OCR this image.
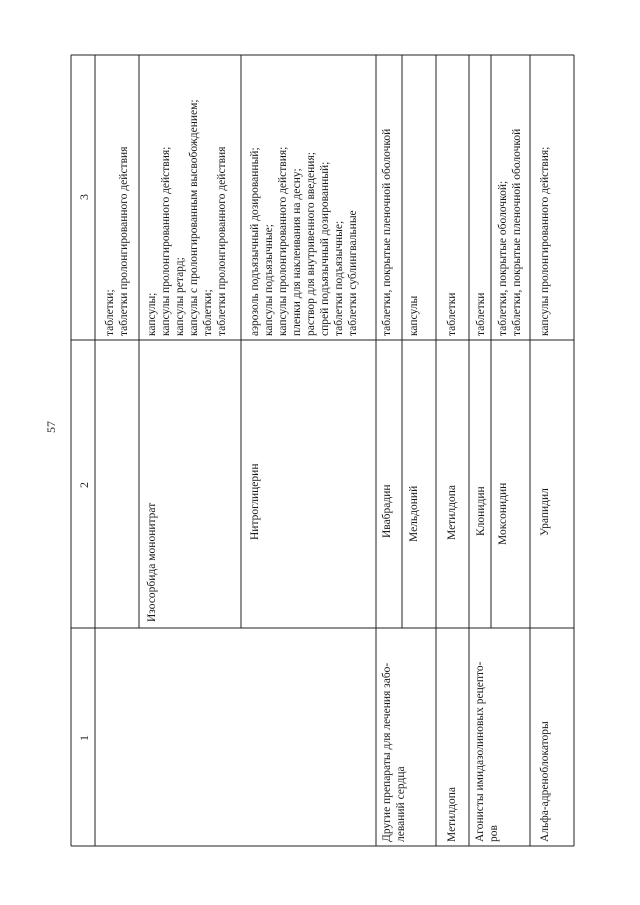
57
1
2
3
таблетки; таблетки пролонгированного действия
Изосорбида мононитрат
капсулы; капсулы пролонгированного действия; капсулы ретард; капсулы с пролонгированным высвобождением; таблетки; таблетки пролонгированного действия
Нитроглицерин
аэрозоль подъязычный дозированный; капсулы подъязычные; капсулы пролонгированного действия; пленки для наклеивания на десну; раствор для внутривенного введения; спрей подъязычный дозированный; таблетки подъязычные; таблетки сублингвальные
Другие препараты для лечения забо- леваний сердца
Ивабрадин
таблетки, покрытые пленочной оболочкой
Мельдоний
капсулы
Метилдопа
Метилдопа
таблетки
Агонисты имидазолиновых рецепто- ров
Клонидин
таблетки
Моксонидин
таблетки, покрытые оболочкой; таблетки, покрытые пленочной оболочкой
Альфа-адреноблокаторы
Урапидил
капсулы пролонгированного действия;
